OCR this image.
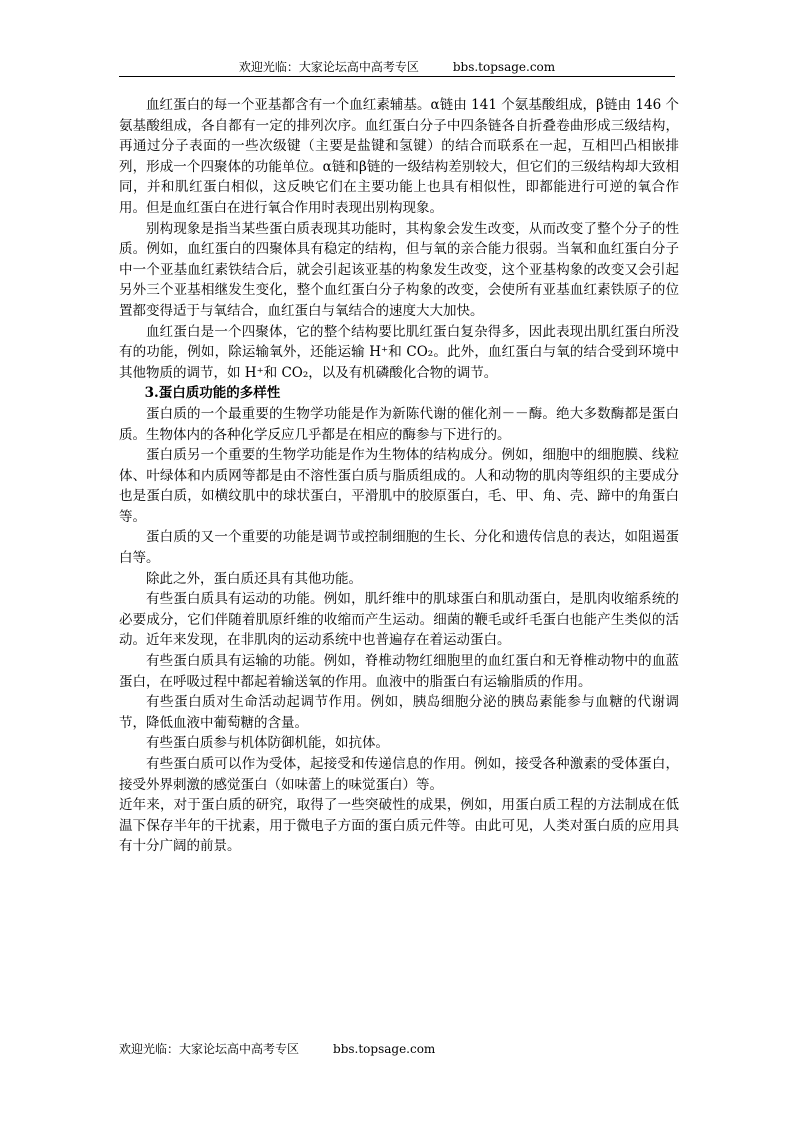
欢迎光临：大家论坛高中高考专区	bbs.topsage.com

血红蛋白的每一个亚基都含有一个血红素辅基。α链由 141 个氨基酸组成，β链由 146 个氨基酸组成，各自都有一定的排列次序。血红蛋白分子中四条链各自折叠卷曲形成三级结构，再通过分子表面的一些次级键（主要是盐键和氢键）的结合而联系在一起，互相凹凸相嵌排列，形成一个四聚体的功能单位。α链和β链的一级结构差别较大，但它们的三级结构却大致相同，并和肌红蛋白相似，这反映它们在主要功能上也具有相似性，即都能进行可逆的氧合作用。但是血红蛋白在进行氧合作用时表现出别构现象。

别构现象是指当某些蛋白质表现其功能时，其构象会发生改变，从而改变了整个分子的性质。例如，血红蛋白的四聚体具有稳定的结构，但与氧的亲合能力很弱。当氧和血红蛋白分子中一个亚基血红素铁结合后，就会引起该亚基的构象发生改变，这个亚基构象的改变又会引起另外三个亚基相继发生变化，整个血红蛋白分子构象的改变，会使所有亚基血红素铁原子的位置都变得适于与氧结合，血红蛋白与氧结合的速度大大加快。

血红蛋白是一个四聚体，它的整个结构要比肌红蛋白复杂得多，因此表现出肌红蛋白所没有的功能，例如，除运输氧外，还能运输 H⁺和 CO₂。此外，血红蛋白与氧的结合受到环境中其他物质的调节，如 H⁺和 CO₂，以及有机磷酸化合物的调节。

3.蛋白质功能的多样性

蛋白质的一个最重要的生物学功能是作为新陈代谢的催化剂－－酶。绝大多数酶都是蛋白质。生物体内的各种化学反应几乎都是在相应的酶参与下进行的。

蛋白质另一个重要的生物学功能是作为生物体的结构成分。例如，细胞中的细胞膜、线粒体、叶绿体和内质网等都是由不溶性蛋白质与脂质组成的。人和动物的肌肉等组织的主要成分也是蛋白质，如横纹肌中的球状蛋白，平滑肌中的胶原蛋白，毛、甲、角、壳、蹄中的角蛋白等。

蛋白质的又一个重要的功能是调节或控制细胞的生长、分化和遗传信息的表达，如阻遏蛋白等。

除此之外，蛋白质还具有其他功能。

有些蛋白质具有运动的功能。例如，肌纤维中的肌球蛋白和肌动蛋白，是肌肉收缩系统的必要成分，它们伴随着肌原纤维的收缩而产生运动。细菌的鞭毛或纤毛蛋白也能产生类似的活动。近年来发现，在非肌肉的运动系统中也普遍存在着运动蛋白。

有些蛋白质具有运输的功能。例如，脊椎动物红细胞里的血红蛋白和无脊椎动物中的血蓝蛋白，在呼吸过程中都起着输送氧的作用。血液中的脂蛋白有运输脂质的作用。

有些蛋白质对生命活动起调节作用。例如，胰岛细胞分泌的胰岛素能参与血糖的代谢调节，降低血液中葡萄糖的含量。

有些蛋白质参与机体防御机能，如抗体。

有些蛋白质可以作为受体，起接受和传递信息的作用。例如，接受各种激素的受体蛋白，接受外界刺激的感觉蛋白（如味蕾上的味觉蛋白）等。

近年来，对于蛋白质的研究，取得了一些突破性的成果，例如，用蛋白质工程的方法制成在低温下保存半年的干扰素，用于微电子方面的蛋白质元件等。由此可见，人类对蛋白质的应用具有十分广阔的前景。

欢迎光临：大家论坛高中高考专区	bbs.topsage.com
